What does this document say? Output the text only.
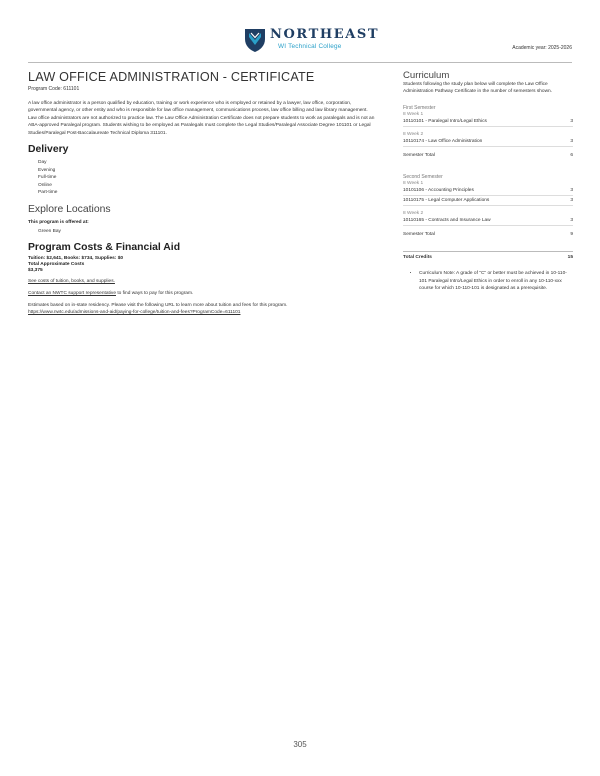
NORTHEAST
WI Technical College	Academic year: 2025-2026
LAW OFFICE ADMINISTRATION - CERTIFICATE
Program Code: 611101
A law office administrator is a person qualified by education, training or work experience who is employed or retained by a lawyer, law office, corporation, governmental agency, or other entity and who is responsible for law office management, communications process, law office billing and law library management. Law office administrators are not authorized to practice law. The Law Office Administration Certificate does not prepare students to work as paralegals and is not an ABA-approved Paralegal program. Students wishing to be employed as Paralegals must complete the Legal Studies/Paralegal Associate Degree 101101 or Legal Studies/Paralegal Post-Baccalaureate Technical Diploma 311101.
Delivery
Day
Evening
Full-time
Online
Part-time
Explore Locations
This program is offered at:
Green Bay
Program Costs & Financial Aid
Tuition: $2,641, Books: $734, Supplies: $0
Total Approximate Costs
$3,375
See costs of tuition, books, and supplies.
Contact an NWTC support representative to find ways to pay for this program.
Estimates based on in-state residency. Please visit the following URL to learn more about tuition and fees for this program.
https://www.nwtc.edu/admissions-and-aid/paying-for-college/tuition-and-fees?ProgramCode=611101
Curriculum
Students following the study plan below will complete the Law Office Administration Pathway Certificate in the number of semesters shown.
First Semester
8 Week 1
10110101 - Paralegal Intro/Legal Ethics	3
8 Week 2
10110174 - Law Office Administration	3
Semester Total	6
Second Semester
8 Week 1
10101106 - Accounting Principles	3
10110175 - Legal Computer Applications	3
8 Week 2
10110165 - Contracts and Insurance Law	3
Semester Total	9
Total Credits	15
• Curriculum Note: A grade of "C" or better must be achieved in 10-110-101 Paralegal Intro/Legal Ethics in order to enroll in any 10-110-xxx course for which 10-110-101 is designated as a prerequisite.
305
